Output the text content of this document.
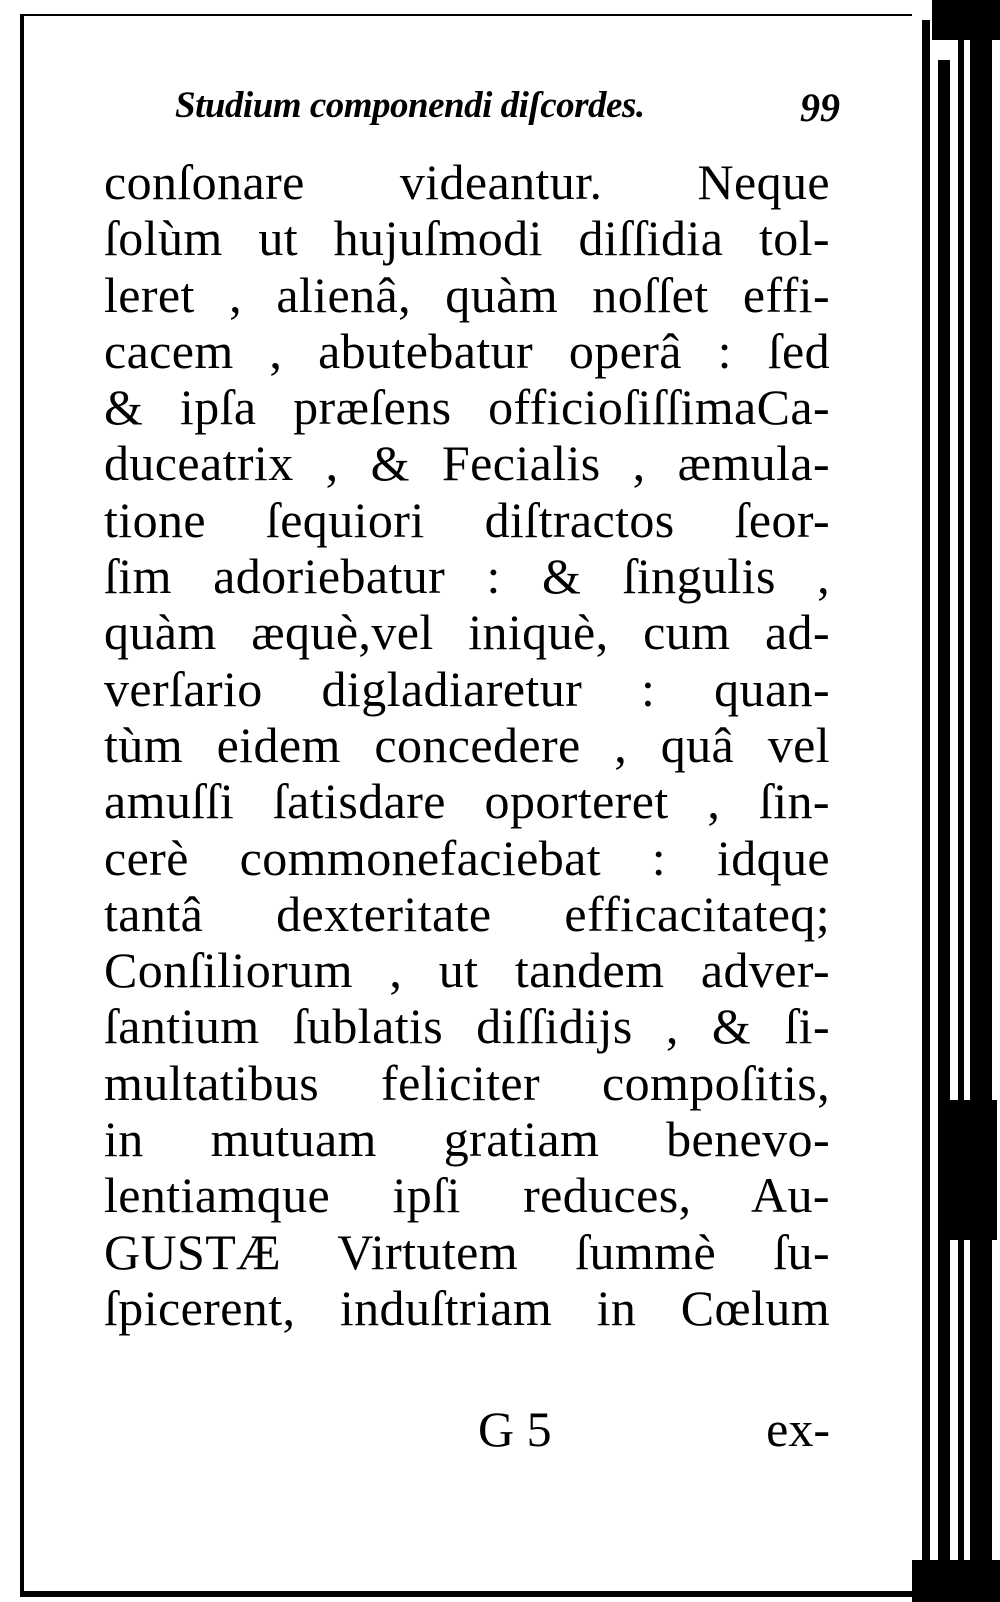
Studium componendi diſcordes.	99
conſonare videantur. Neque
ſolùm ut hujuſmodi diſſidia tol-
leret , alienâ, quàm noſſet effi-
cacem , abutebatur operâ : ſed
& ipſa præſens officioſiſſimaCa-
duceatrix , & Fecialis , æmula-
tione ſequiori diſtractos ſeor-
ſim adoriebatur : & ſingulis ,
quàm æquè,vel iniquè, cum ad-
verſario digladiaretur : quan-
tùm eidem concedere , quâ vel
amuſſi ſatisdare oporteret , ſin-
cerè commonefaciebat : idque
tantâ dexteritate efficacitateq;
Conſiliorum , ut tandem adver-
ſantium ſublatis diſſidijs , & ſi-
multatibus feliciter compoſitis,
in mutuam gratiam benevo-
lentiamque ipſi reduces, Au-
GUSTÆ Virtutem ſummè ſu-
ſpicerent, induſtriam in Cœlum
G 5	ex-
